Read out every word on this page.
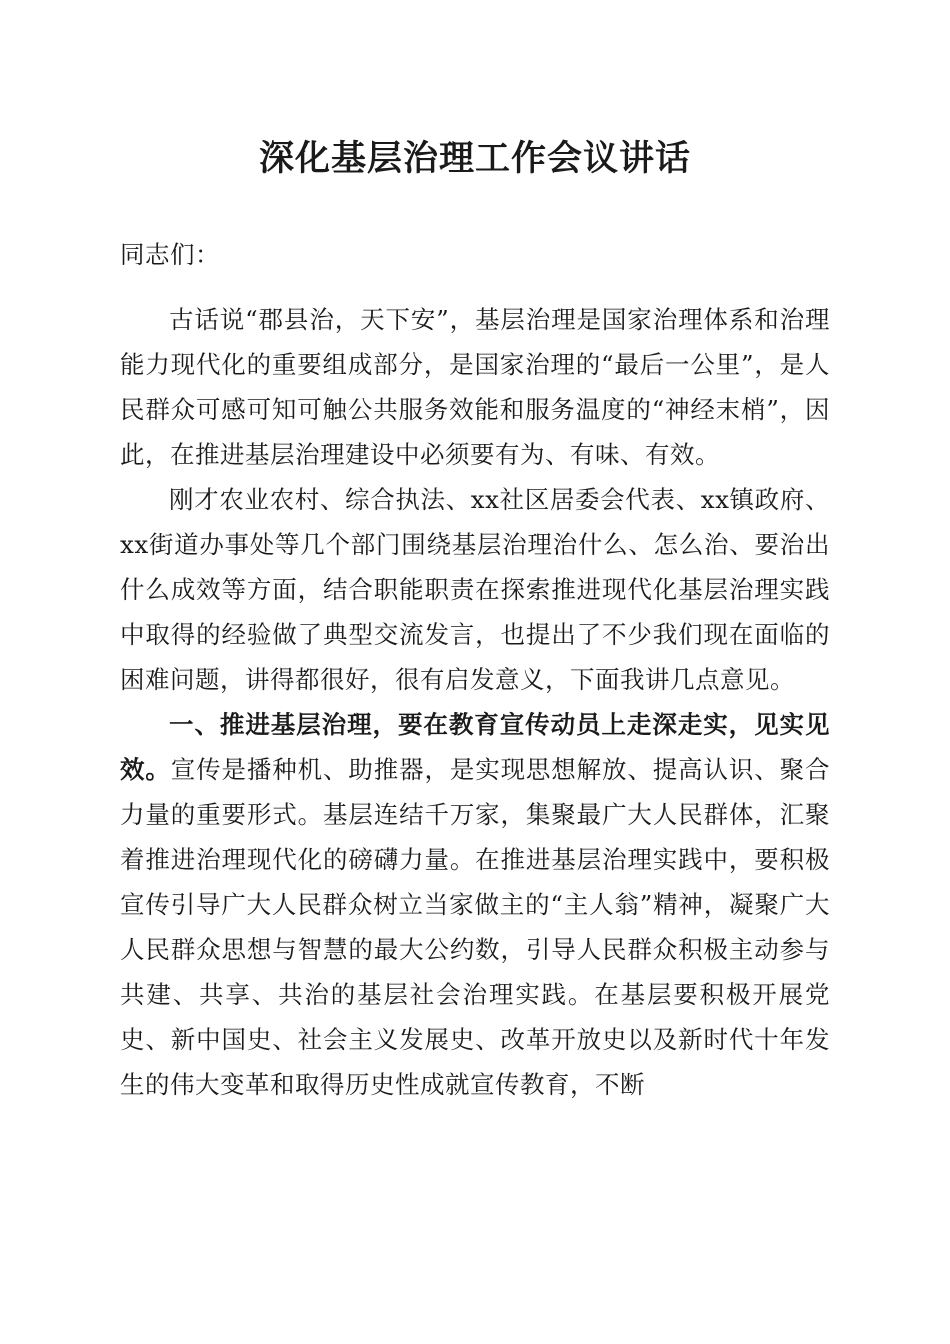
深化基层治理工作会议讲话

同志们：

古话说“郡县治，天下安”，基层治理是国家治理体系和治理能力现代化的重要组成部分，是国家治理的“最后一公里”，是人民群众可感可知可触公共服务效能和服务温度的“神经末梢”，因此，在推进基层治理建设中必须要有为、有味、有效。

刚才农业农村、综合执法、xx社区居委会代表、xx镇政府、xx街道办事处等几个部门围绕基层治理治什么、怎么治、要治出什么成效等方面，结合职能职责在探索推进现代化基层治理实践中取得的经验做了典型交流发言，也提出了不少我们现在面临的困难问题，讲得都很好，很有启发意义，下面我讲几点意见。

一、推进基层治理，要在教育宣传动员上走深走实，见实见效。宣传是播种机、助推器，是实现思想解放、提高认识、聚合力量的重要形式。基层连结千万家，集聚最广大人民群体，汇聚着推进治理现代化的磅礴力量。在推进基层治理实践中，要积极宣传引导广大人民群众树立当家做主的“主人翁”精神，凝聚广大人民群众思想与智慧的最大公约数，引导人民群众积极主动参与共建、共享、共治的基层社会治理实践。在基层要积极开展党史、新中国史、社会主义发展史、改革开放史以及新时代十年发生的伟大变革和取得历史性成就宣传教育，不断
